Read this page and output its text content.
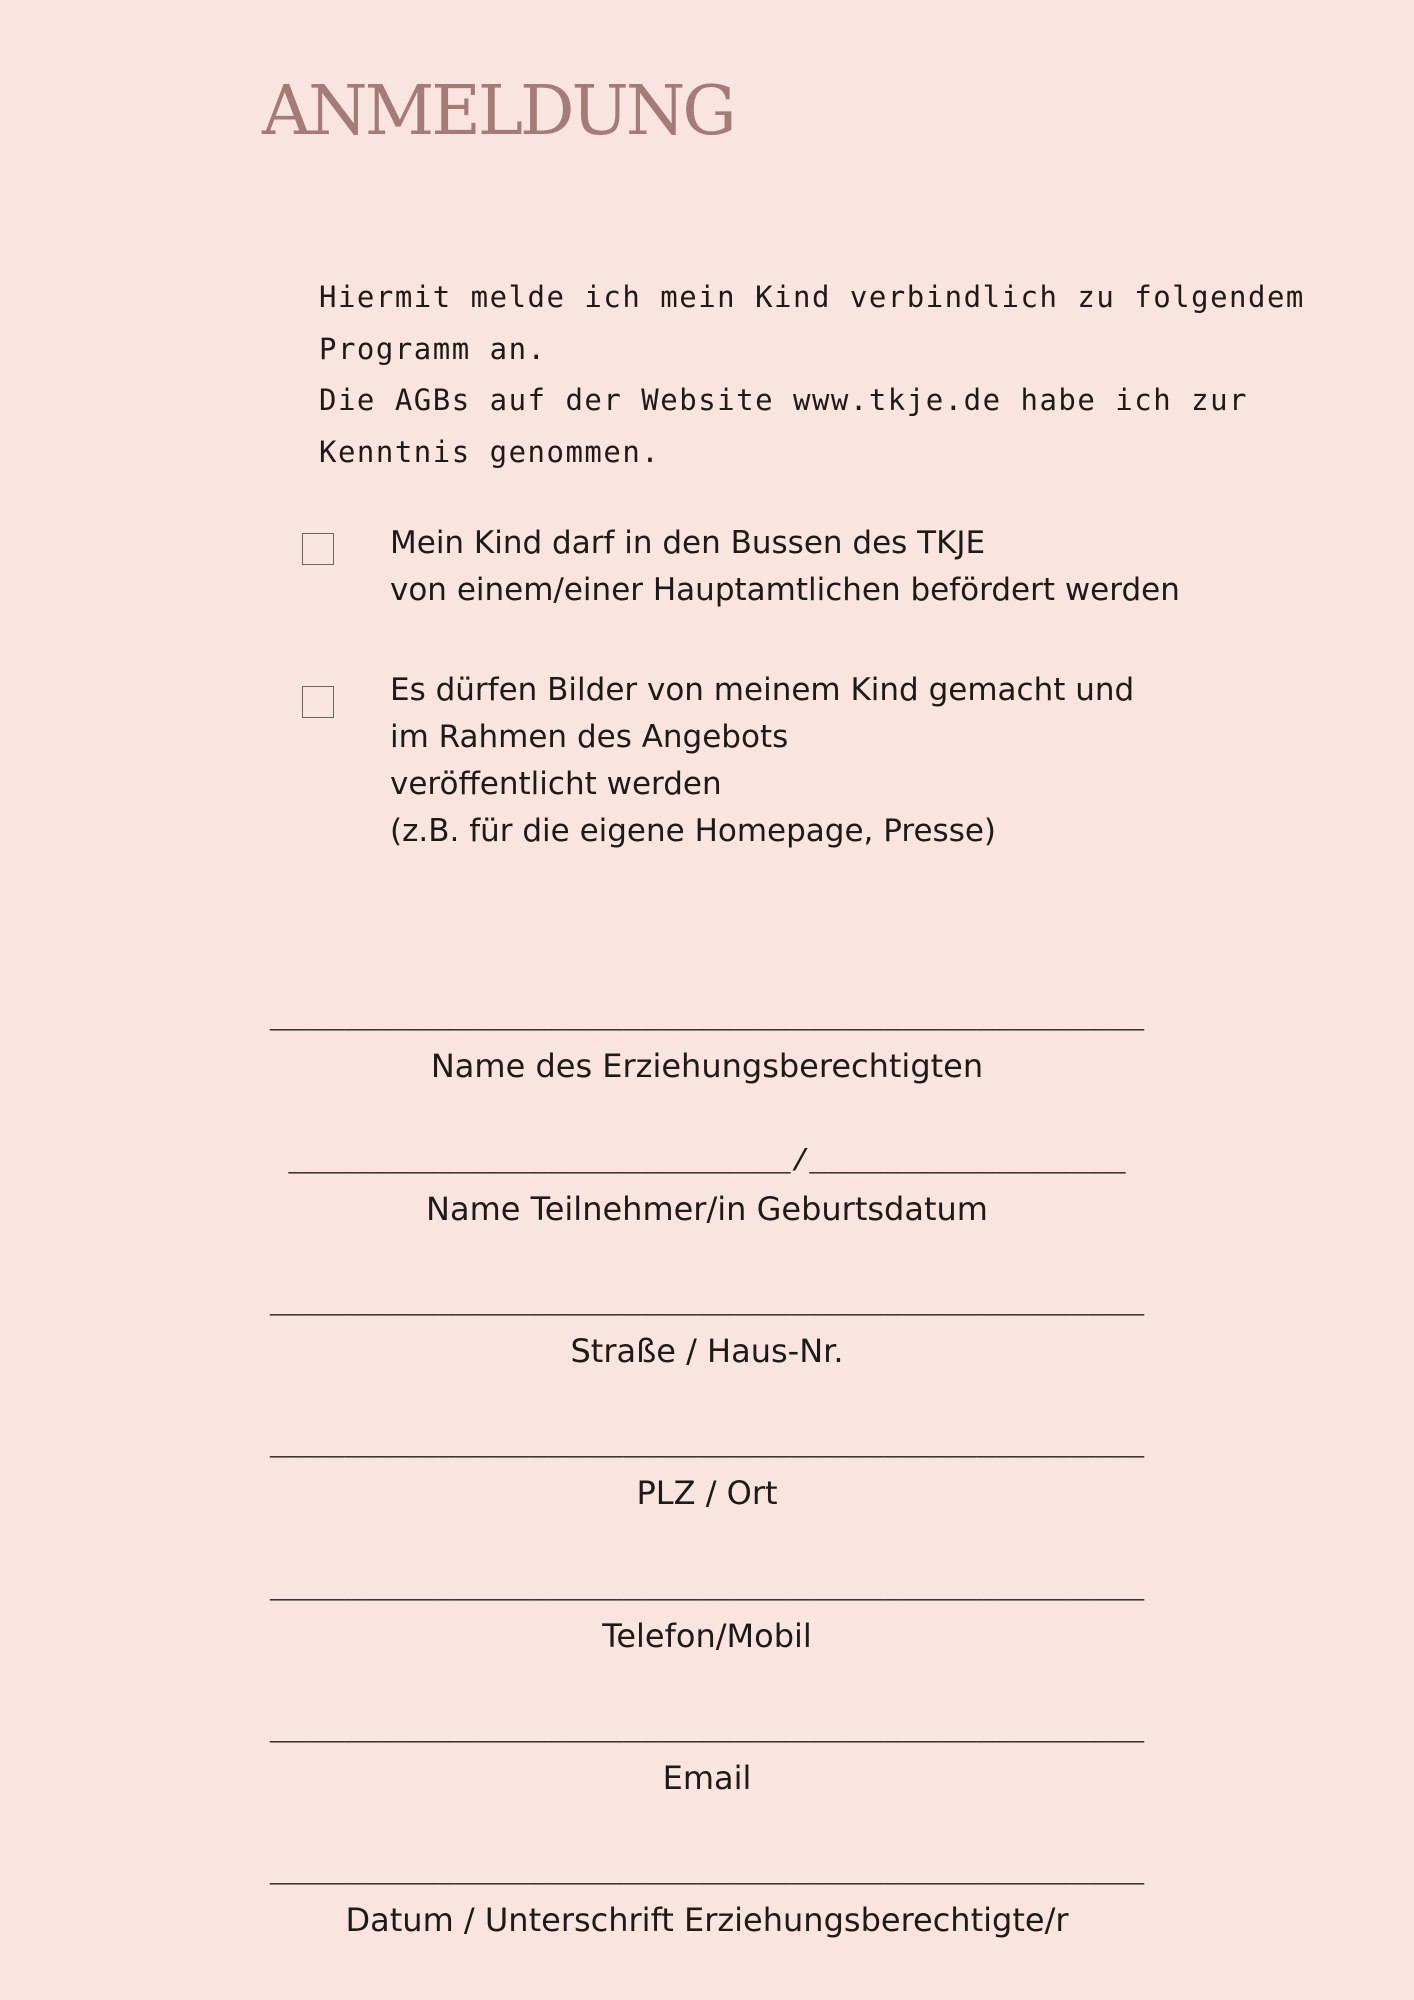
ANMELDUNG
Hiermit melde ich mein Kind verbindlich zu folgendem
Programm an.
Die AGBs auf der Website www.tkje.de habe ich zur
Kenntnis genommen.
Mein Kind darf in den Bussen des TKJE
von einem/einer Hauptamtlichen befördert werden
Es dürfen Bilder von meinem Kind gemacht und
im Rahmen des Angebots
veröffentlicht werden
(z.B. für die eigene Homepage, Presse)
_______________________________________________
Name des Erziehungsberechtigten
___________________________/_________________
Name Teilnehmer/in Geburtsdatum
_______________________________________________
Straße / Haus-Nr.
_______________________________________________
PLZ / Ort
_______________________________________________
Telefon/Mobil
_______________________________________________
Email
_______________________________________________
Datum / Unterschrift Erziehungsberechtigte/r
